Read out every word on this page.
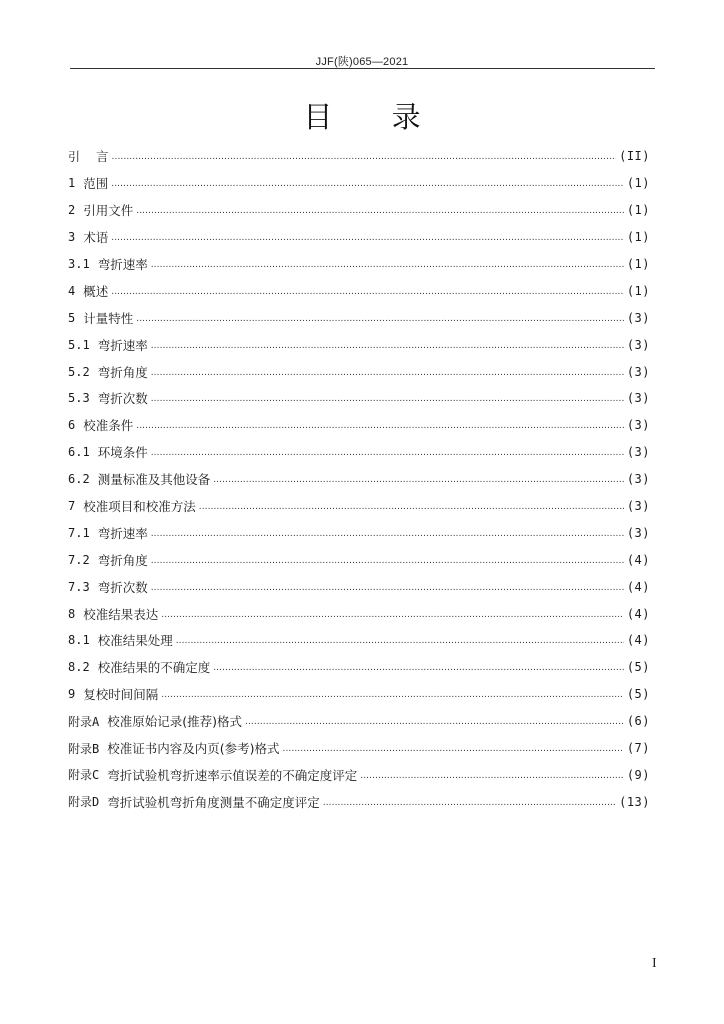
JJF(陕)065—2021
目 录
引 言 .....	(II)
1 范围 .....	(1)
2 引用文件 .....	(1)
3 术语 .....	(1)
3.1 弯折速率 .....	(1)
4 概述 .....	(1)
5 计量特性 .....	(3)
5.1 弯折速率 .....	(3)
5.2 弯折角度 .....	(3)
5.3 弯折次数 .....	(3)
6 校准条件 .....	(3)
6.1 环境条件 .....	(3)
6.2 测量标准及其他设备 .....	(3)
7 校准项目和校准方法 .....	(3)
7.1 弯折速率 .....	(3)
7.2 弯折角度 .....	(4)
7.3 弯折次数 .....	(4)
8 校准结果表达 .....	(4)
8.1 校准结果处理 .....	(4)
8.2 校准结果的不确定度 .....	(5)
9 复校时间间隔 .....	(5)
附录A 校准原始记录(推荐)格式 .....	(6)
附录B 校准证书内容及内页(参考)格式 .....	(7)
附录C 弯折试验机弯折速率示值误差的不确定度评定 .....	(9)
附录D 弯折试验机弯折角度测量不确定度评定 .....	(13)
I
